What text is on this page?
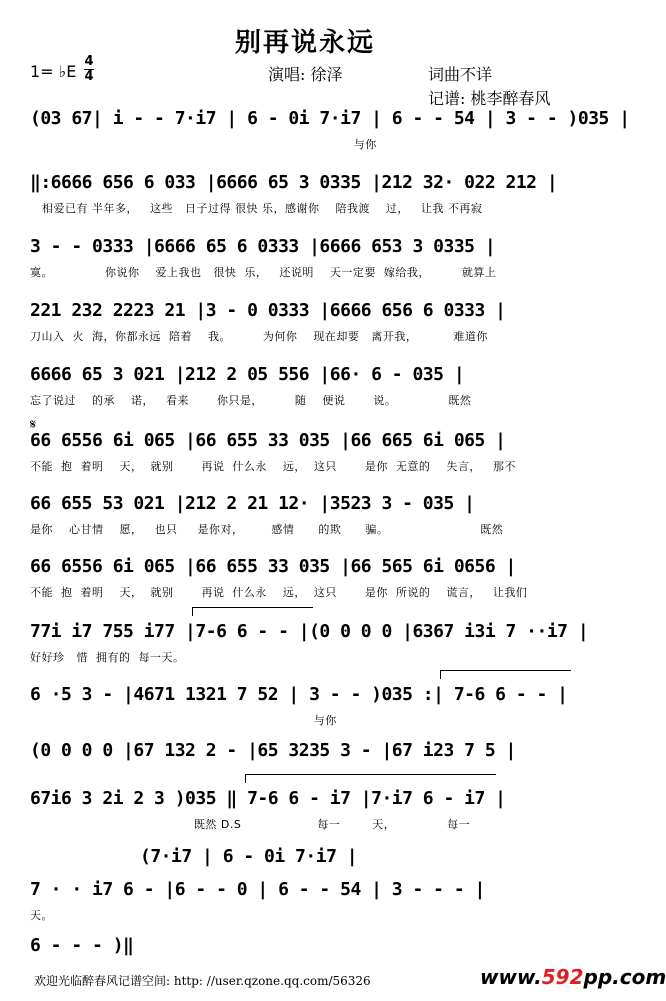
别再说永远
1= ♭E
4
4	演唱: 徐泽	词曲不详
记谱: 桃李醉春风
𝄋
(03 67| i - - 7·i7 | 6 - 0i 7·i7 | 6 - - 54 | 3 - - )035 |
与你
‖:6666 656 6 033 |6666 65 3 0335 |212 32· 022 212 |
相爱已有 半年多，   这些   日子过得 很快 乐，感谢你    陪我渡    过，   让我 不再寂
3 - - 0333 |6666 65 6 0333 |6666 653 3 0335 |
寞。             你说你    爱上我也   很快  乐，   还说明    天一定要  嫁给我，        就算上
221 232 2223 21 |3 - 0 0333 |6666 656 6 0333 |
刀山入  火  海，你都永远  陪着    我。        为何你    现在却要   离开我，         难道你
6666 65 3 021 |212 2 05 556 |66· 6 - 035 |
忘了说过    的承    诺，   看来       你只是，        随    便说       说。             既然
66 6556 6i 065 |66 655 33 035 |66 665 6i 065 |
不能  抱  着明    天，  就别       再说  什么永    远，  这只       是你  无意的    失言，   那不
66 655 53 021 |212 2 21 12· |3523 3 - 035 |
是你    心甘情    愿，   也只     是你对，       感情      的欺      骗。                       既然
66 6556 6i 065 |66 655 33 035 |66 565 6i 0656 |
不能  抱  着明    天，  就别       再说  什么永    远，  这只       是你  所说的    谎言，   让我们
77i i7 755 i77 |7-6 6 - - |(0 0 0 0 |6367 i3i 7 ··i7 |
好好珍   惜  拥有的  每一天。
6 ·5 3 - |4671 1321 7 52 | 3 - - )035 :| 7-6 6 - - |
与你
(0 0 0 0 |67 132 2 - |65 3235 3 - |67 i23 7 5 |
67i6 3 2i 2 3 )035 ‖ 7-6 6 - i7 |7·i7 6 - i7 |
既然 D.S                   每一        天，             每一
(7·i7 | 6 - 0i 7·i7 |
7 · · i7 6 - |6 - - 0 | 6 - - 54 | 3 - - - |
天。
6 - - - )‖
欢迎光临醉春风记谱空间: http: //user.qzone.qq.com/56326	www.592pp.com
